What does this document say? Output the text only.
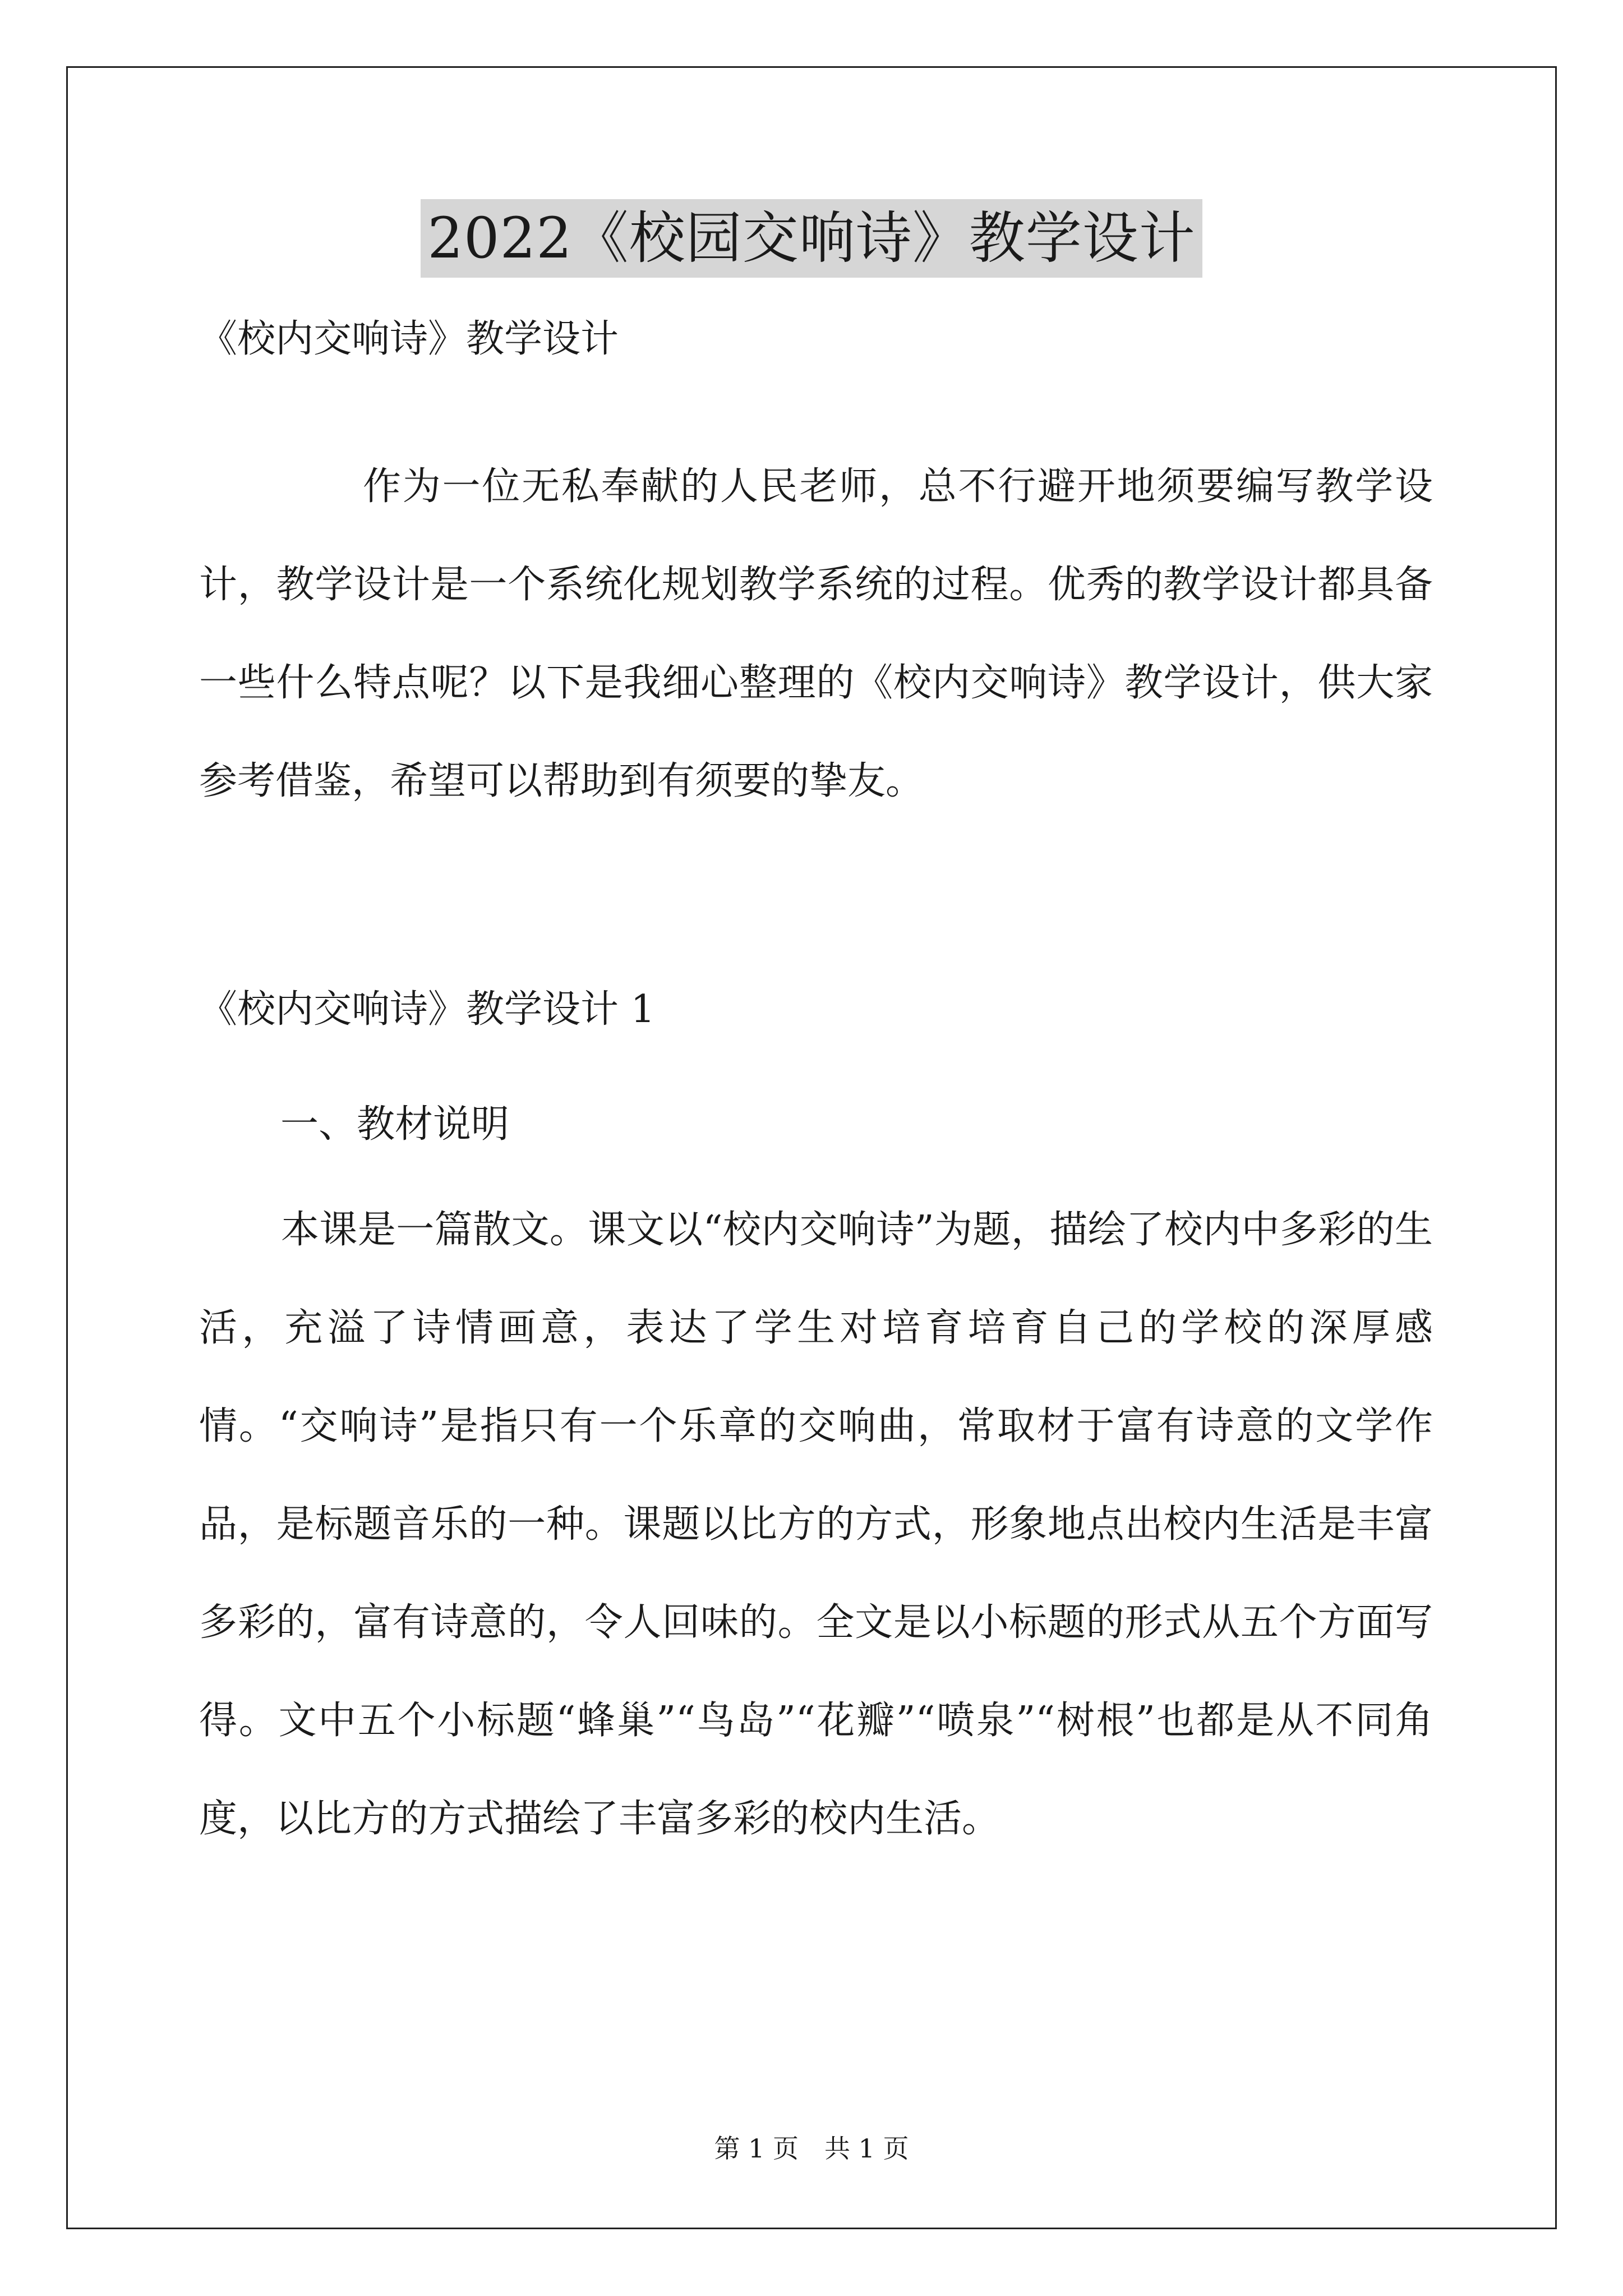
2022《校园交响诗》教学设计
《校内交响诗》教学设计
作为一位无私奉献的人民老师，总不行避开地须要编写教学设计，教学设计是一个系统化规划教学系统的过程。优秀的教学设计都具备一些什么特点呢？以下是我细心整理的《校内交响诗》教学设计，供大家参考借鉴，希望可以帮助到有须要的挚友。
《校内交响诗》教学设计 1
一、教材说明
本课是一篇散文。课文以“校内交响诗”为题，描绘了校内中多彩的生活，充溢了诗情画意，表达了学生对培育培育自己的学校的深厚感情。“交响诗”是指只有一个乐章的交响曲，常取材于富有诗意的文学作品，是标题音乐的一种。课题以比方的方式，形象地点出校内生活是丰富多彩的，富有诗意的，令人回味的。全文是以小标题的形式从五个方面写得。文中五个小标题“蜂巢”“鸟岛”“花瓣”“喷泉”“树根”也都是从不同角度，以比方的方式描绘了丰富多彩的校内生活。
第 1 页　共 1 页
